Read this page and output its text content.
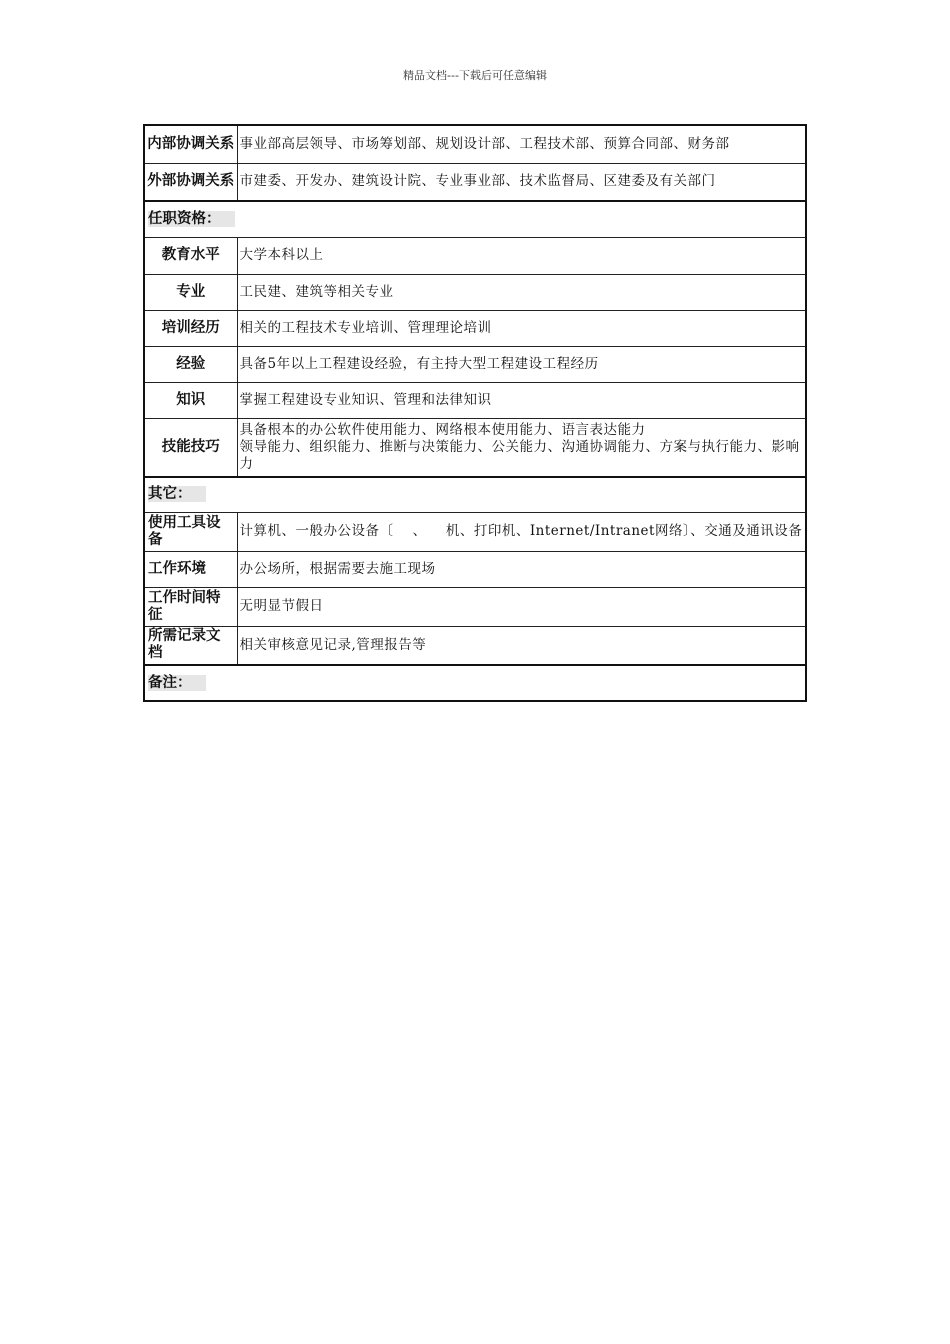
精品文档---下载后可任意编辑
内部协调关系	事业部高层领导、市场筹划部、规划设计部、工程技术部、预算合同部、财务部
外部协调关系	市建委、开发办、建筑设计院、专业事业部、技术监督局、区建委及有关部门
任职资格：	
教育水平	大学本科以上
专业	工民建、建筑等相关专业
培训经历	相关的工程技术专业培训、管理理论培训
经验	具备5年以上工程建设经验，有主持大型工程建设工程经历
知识	掌握工程建设专业知识、管理和法律知识
技能技巧	具备根本的办公软件使用能力、网络根本使用能力、语言表达能力
领导能力、组织能力、推断与决策能力、公关能力、沟通协调能力、方案与执行能力、影响力

其它：	
使用工具设备	计算机、一般办公设备〔    、    机、打印机、Internet/Intranet网络〕、交通及通讯设备
工作环境	办公场所，根据需要去施工现场
工作时间特征	无明显节假日
所需记录文档	相关审核意见记录,管理报告等
备注：	
